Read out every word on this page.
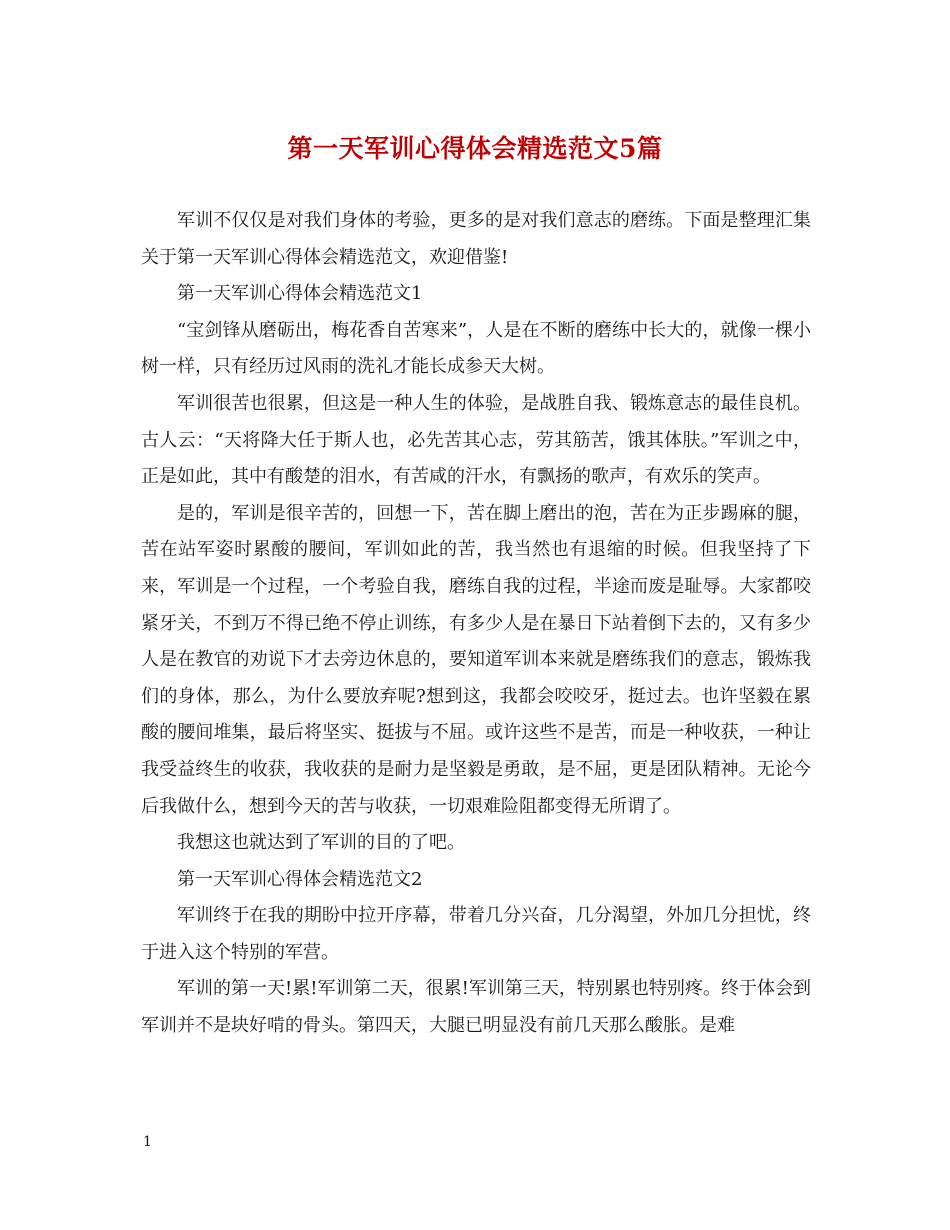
第一天军训心得体会精选范文5篇

军训不仅仅是对我们身体的考验，更多的是对我们意志的磨练。下面是整理汇集关于第一天军训心得体会精选范文，欢迎借鉴!

第一天军训心得体会精选范文1

“宝剑锋从磨砺出，梅花香自苦寒来”，人是在不断的磨练中长大的，就像一棵小树一样，只有经历过风雨的洗礼才能长成参天大树。

军训很苦也很累，但这是一种人生的体验，是战胜自我、锻炼意志的最佳良机。古人云：“天将降大任于斯人也，必先苦其心志，劳其筋苦，饿其体肤。”军训之中，正是如此，其中有酸楚的泪水，有苦咸的汗水，有飘扬的歌声，有欢乐的笑声。

是的，军训是很辛苦的，回想一下，苦在脚上磨出的泡，苦在为正步踢麻的腿，苦在站军姿时累酸的腰间，军训如此的苦，我当然也有退缩的时候。但我坚持了下来，军训是一个过程，一个考验自我，磨练自我的过程，半途而废是耻辱。大家都咬紧牙关，不到万不得已绝不停止训练，有多少人是在暴日下站着倒下去的，又有多少人是在教官的劝说下才去旁边休息的，要知道军训本来就是磨练我们的意志，锻炼我们的身体，那么，为什么要放弃呢?想到这，我都会咬咬牙，挺过去。也许坚毅在累酸的腰间堆集，最后将坚实、挺拔与不屈。或许这些不是苦，而是一种收获，一种让我受益终生的收获，我收获的是耐力是坚毅是勇敢，是不屈，更是团队精神。无论今后我做什么，想到今天的苦与收获，一切艰难险阻都变得无所谓了。

我想这也就达到了军训的目的了吧。

第一天军训心得体会精选范文2

军训终于在我的期盼中拉开序幕，带着几分兴奋，几分渴望，外加几分担忧，终于进入这个特别的军营。

军训的第一天!累!军训第二天，很累!军训第三天，特别累也特别疼。终于体会到军训并不是块好啃的骨头。第四天，大腿已明显没有前几天那么酸胀。是难

1
